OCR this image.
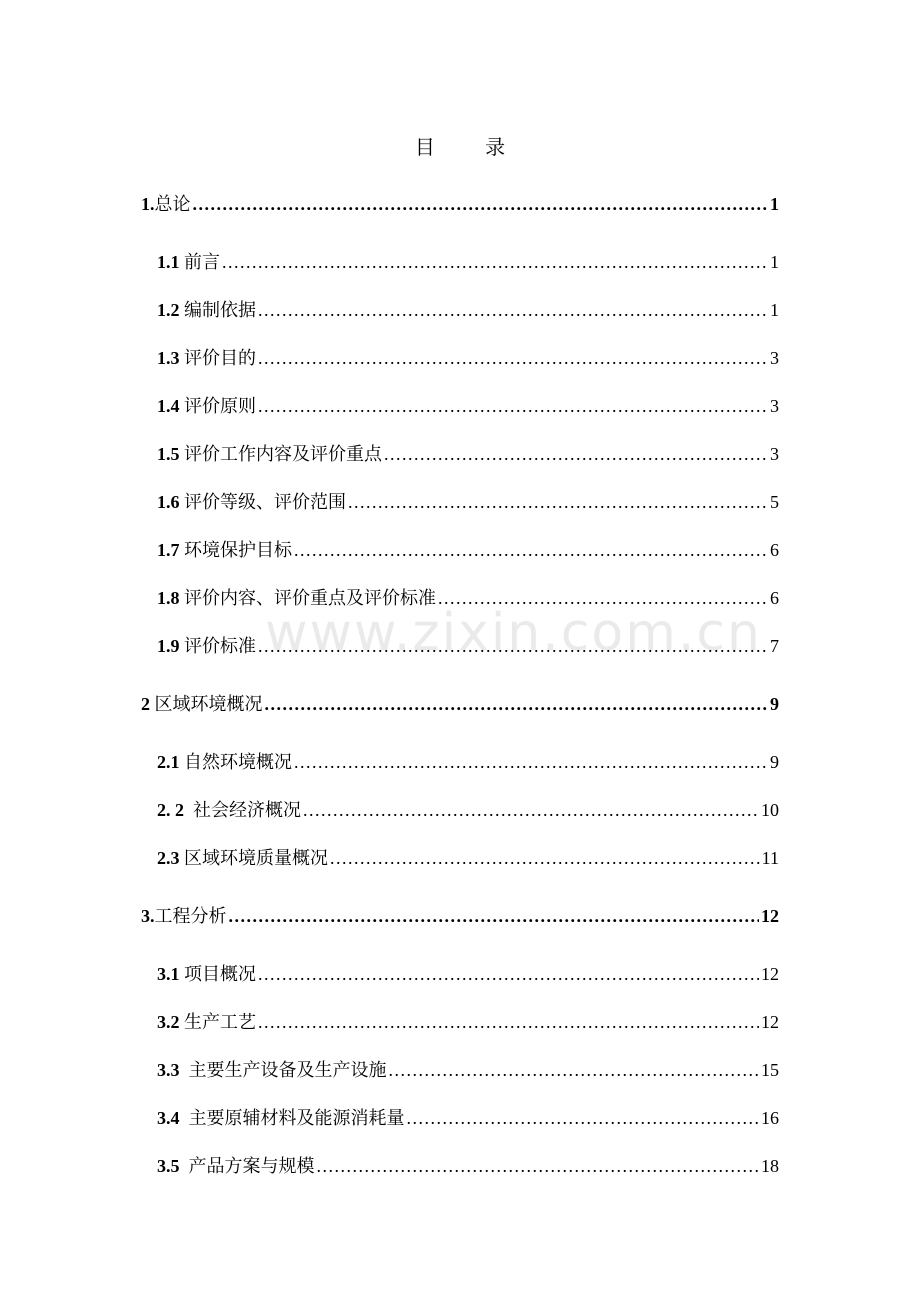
目 录
www.zixin.com.cn
1. 总论 .....	1
1.1 前言 .....	1
1.2 编制依据 .....	1
1.3 评价目的 .....	3
1.4 评价原则 .....	3
1.5 评价工作内容及评价重点 .....	3
1.6 评价等级、评价范围 .....	5
1.7 环境保护目标 .....	6
1.8 评价内容、评价重点及评价标准 .....	6
1.9 评价标准 .....	7
2 区域环境概况 .....	9
2.1 自然环境概况 .....	9
2. 2 社会经济概况 .....	10
2.3 区域环境质量概况 .....	11
3. 工程分析 .....	12
3.1 项目概况 .....	12
3.2 生产工艺 .....	12
3.3 主要生产设备及生产设施 .....	15
3.4 主要原辅材料及能源消耗量 .....	16
3.5 产品方案与规模 .....	18
